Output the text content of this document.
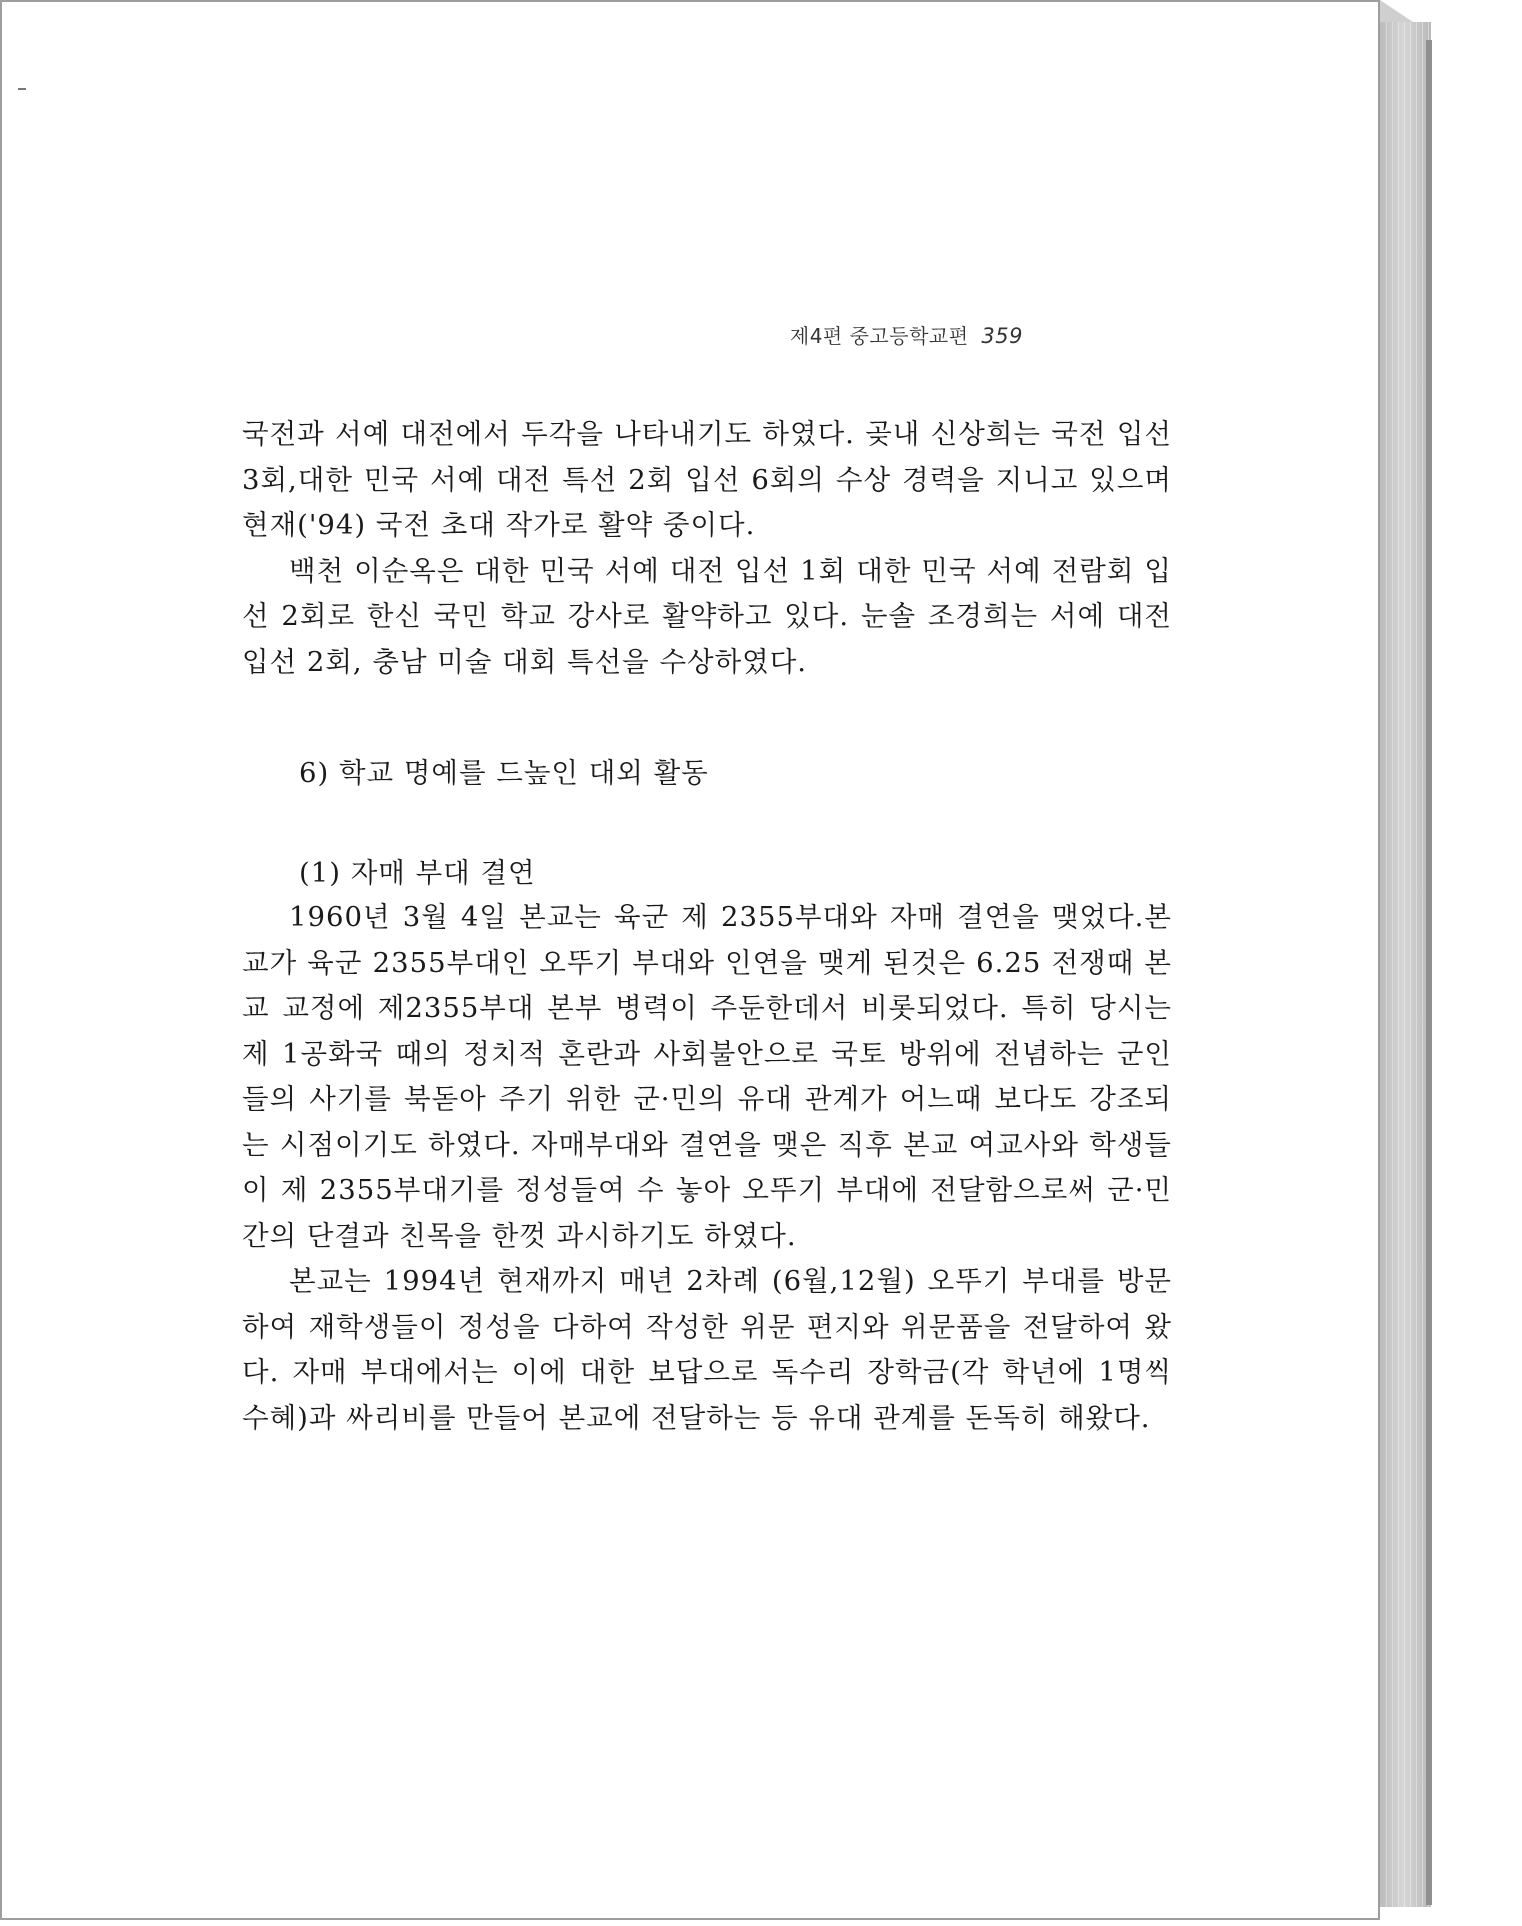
제4편 중고등학교편 359

국전과 서예 대전에서 두각을 나타내기도 하였다. 곶내 신상희는 국전 입선 3회,대한 민국 서예 대전 특선 2회 입선 6회의 수상 경력을 지니고 있으며 현재('94) 국전 초대 작가로 활약 중이다.

백천 이순옥은 대한 민국 서예 대전 입선 1회 대한 민국 서예 전람회 입선 2회로 한신 국민 학교 강사로 활약하고 있다. 눈솔 조경희는 서예 대전 입선 2회, 충남 미술 대회 특선을 수상하였다.

6) 학교 명예를 드높인 대외 활동
(1) 자매 부대 결연

1960년 3월 4일 본교는 육군 제 2355부대와 자매 결연을 맺었다.본교가 육군 2355부대인 오뚜기 부대와 인연을 맺게 된것은 6.25 전쟁때 본교 교정에 제2355부대 본부 병력이 주둔한데서 비롯되었다. 특히 당시는 제 1공화국 때의 정치적 혼란과 사회불안으로 국토 방위에 전념하는 군인들의 사기를 북돋아 주기 위한 군·민의 유대 관계가 어느때 보다도 강조되는 시점이기도 하였다. 자매부대와 결연을 맺은 직후 본교 여교사와 학생들이 제 2355부대기를 정성들여 수 놓아 오뚜기 부대에 전달함으로써 군·민간의 단결과 친목을 한껏 과시하기도 하였다.

본교는 1994년 현재까지 매년 2차례 (6월,12월) 오뚜기 부대를 방문하여 재학생들이 정성을 다하여 작성한 위문 편지와 위문품을 전달하여 왔다. 자매 부대에서는 이에 대한 보답으로 독수리 장학금(각 학년에 1명씩 수혜)과 싸리비를 만들어 본교에 전달하는 등 유대 관계를 돈독히 해왔다.
